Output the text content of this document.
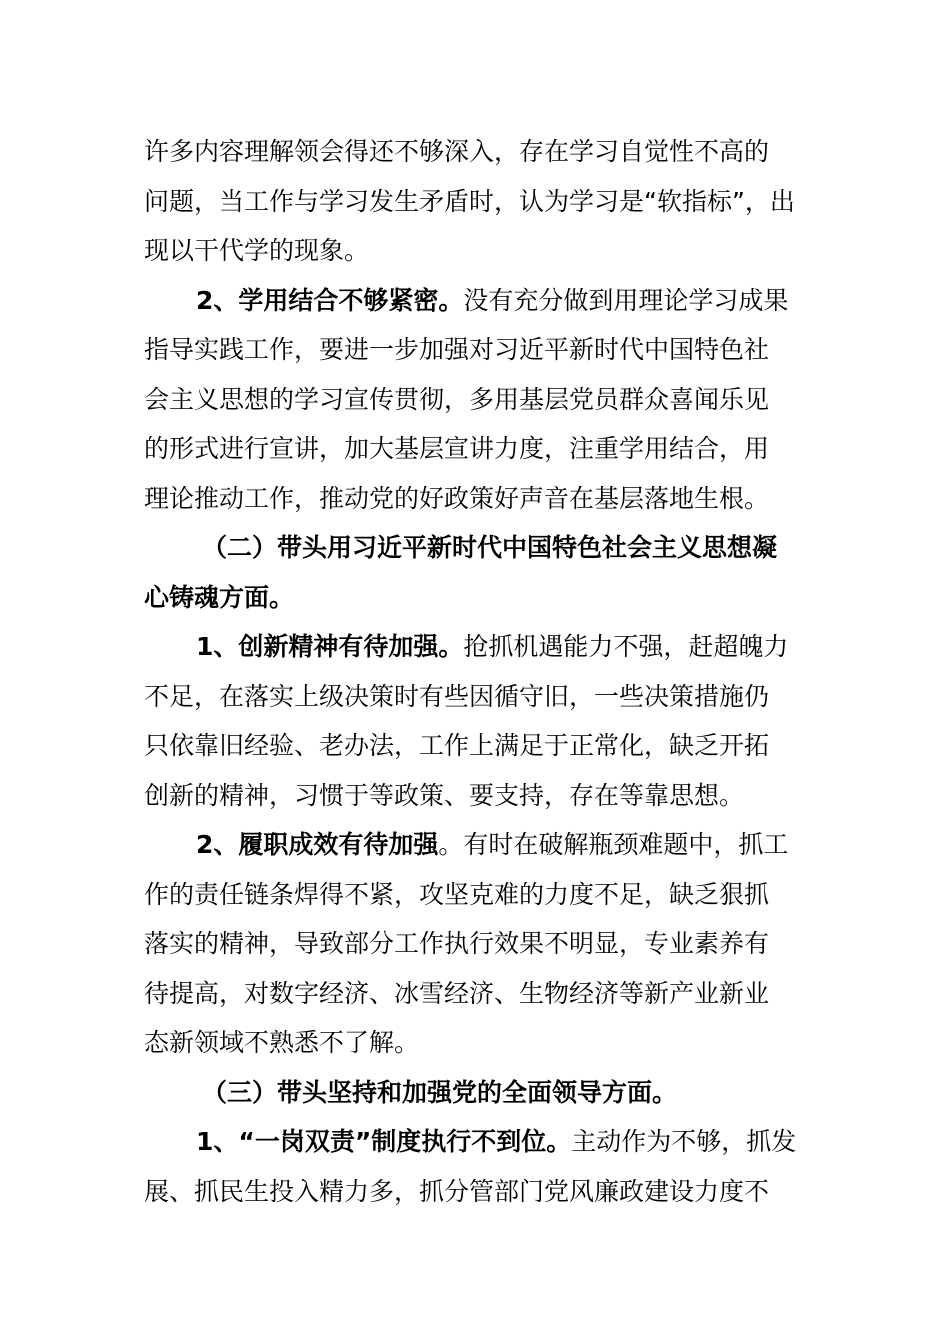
许多内容理解领会得还不够深入，存在学习自觉性不高的
问题，当工作与学习发生矛盾时，认为学习是“软指标”，出
现以干代学的现象。
2、学用结合不够紧密。没有充分做到用理论学习成果
指导实践工作，要进一步加强对习近平新时代中国特色社
会主义思想的学习宣传贯彻，多用基层党员群众喜闻乐见
的形式进行宣讲，加大基层宣讲力度，注重学用结合，用
理论推动工作，推动党的好政策好声音在基层落地生根。
（二）带头用习近平新时代中国特色社会主义思想凝
心铸魂方面。
1、创新精神有待加强。抢抓机遇能力不强，赶超魄力
不足，在落实上级决策时有些因循守旧，一些决策措施仍
只依靠旧经验、老办法，工作上满足于正常化，缺乏开拓
创新的精神，习惯于等政策、要支持，存在等靠思想。
2、履职成效有待加强。有时在破解瓶颈难题中，抓工
作的责任链条焊得不紧，攻坚克难的力度不足，缺乏狠抓
落实的精神，导致部分工作执行效果不明显，专业素养有
待提高，对数字经济、冰雪经济、生物经济等新产业新业
态新领域不熟悉不了解。
（三）带头坚持和加强党的全面领导方面。
1、“一岗双责”制度执行不到位。主动作为不够，抓发
展、抓民生投入精力多，抓分管部门党风廉政建设力度不
